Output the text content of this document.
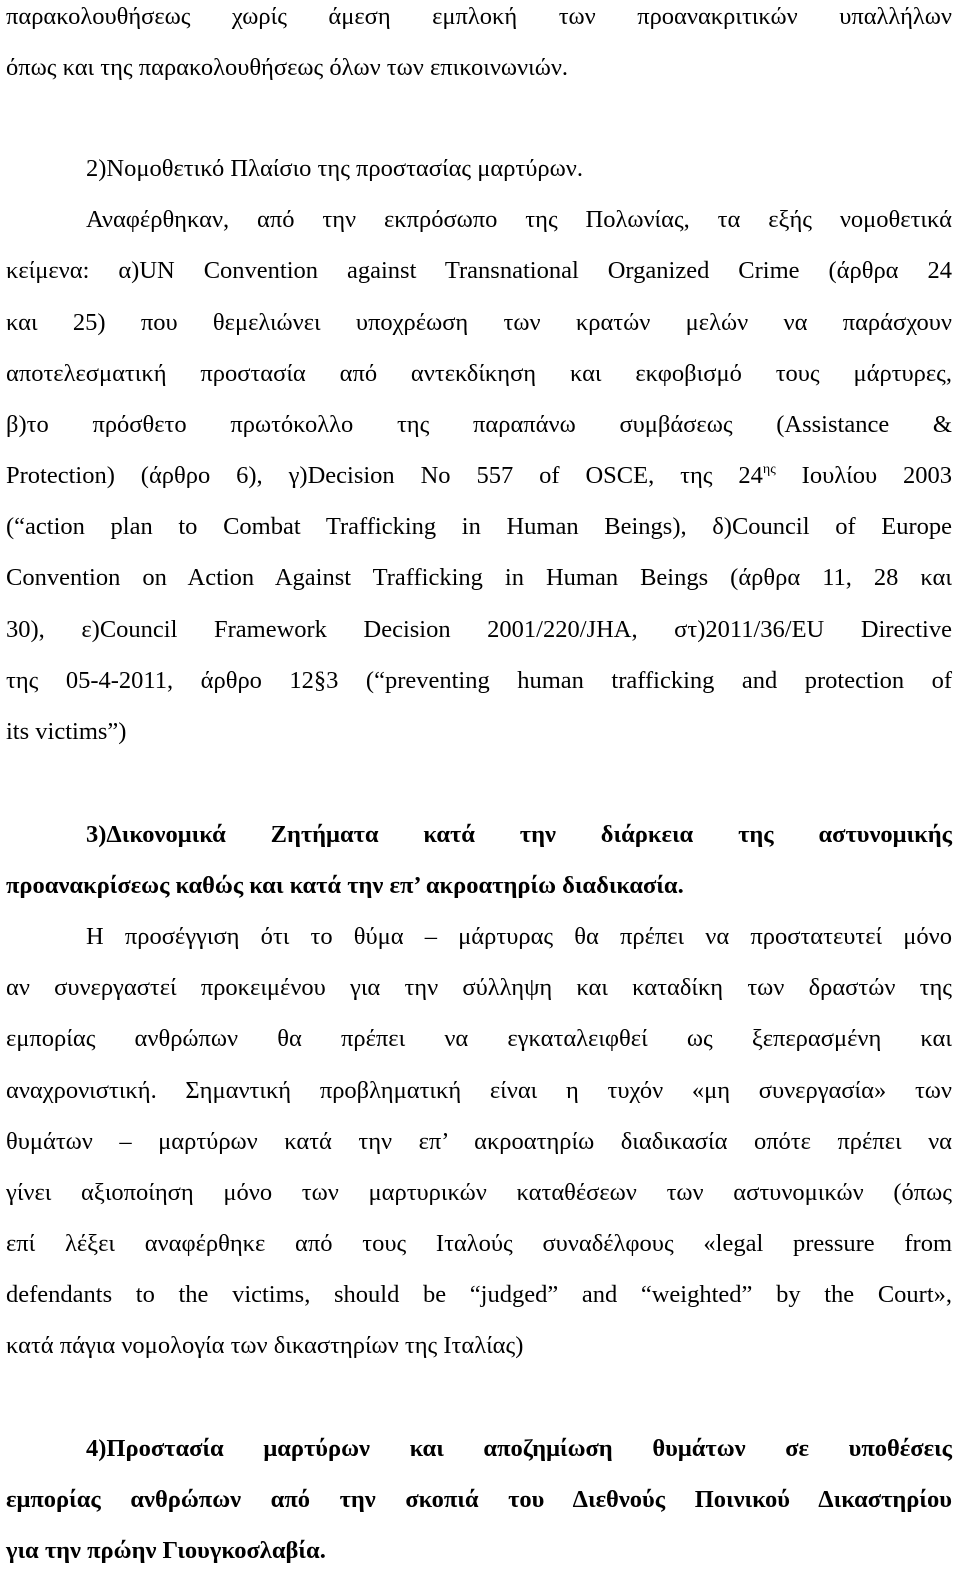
παρακολουθήσεως χωρίς άμεση εμπλοκή των προανακριτικών υπαλλήλων
όπως και της παρακολουθήσεως όλων των επικοινωνιών.
2)Νομοθετικό Πλαίσιο της προστασίας μαρτύρων.
Αναφέρθηκαν, από την εκπρόσωπο της Πολωνίας, τα εξής νομοθετικά
κείμενα: α)UN Convention against Transnational Organized Crime (άρθρα 24
και 25) που θεμελιώνει υποχρέωση των κρατών μελών να παράσχουν
αποτελεσματική προστασία από αντεκδίκηση και εκφοβισμό τους μάρτυρες,
β)το πρόσθετο πρωτόκολλο της παραπάνω συμβάσεως (Assistance &
Protection) (άρθρο 6), γ)Decision No 557 of OSCE, της $24^{\eta\varsigma}$ Ιουλίου 2003
(“action plan to Combat Trafficking in Human Beings), δ)Council of Europe
Convention on Action Against Trafficking in Human Beings (άρθρα 11, 28 και
30), ε)Council Framework Decision 2001/220/JHA, στ)2011/36/EU Directive
της 05-4-2011, άρθρο 12§3 (“preventing human trafficking and protection of
its victims”)
3)Δικονομικά Ζητήματα κατά την διάρκεια της αστυνομικής
προανακρίσεως καθώς και κατά την επ’ ακροατηρίω διαδικασία.
Η προσέγγιση ότι το θύμα – μάρτυρας θα πρέπει να προστατευτεί μόνο
αν συνεργαστεί προκειμένου για την σύλληψη και καταδίκη των δραστών της
εμπορίας ανθρώπων θα πρέπει να εγκαταλειφθεί ως ξεπερασμένη και
αναχρονιστική. Σημαντική προβληματική είναι η τυχόν «μη συνεργασία» των
θυμάτων – μαρτύρων κατά την επ’ ακροατηρίω διαδικασία οπότε πρέπει να
γίνει αξιοποίηση μόνο των μαρτυρικών καταθέσεων των αστυνομικών (όπως
επί λέξει αναφέρθηκε από τους Ιταλούς συναδέλφους «legal pressure from
defendants to the victims, should be “judged” and “weighted” by the Court»,
κατά πάγια νομολογία των δικαστηρίων της Ιταλίας)
4)Προστασία μαρτύρων και αποζημίωση θυμάτων σε υποθέσεις
εμπορίας ανθρώπων από την σκοπιά του Διεθνούς Ποινικού Δικαστηρίου
για την πρώην Γιουγκοσλαβία.
